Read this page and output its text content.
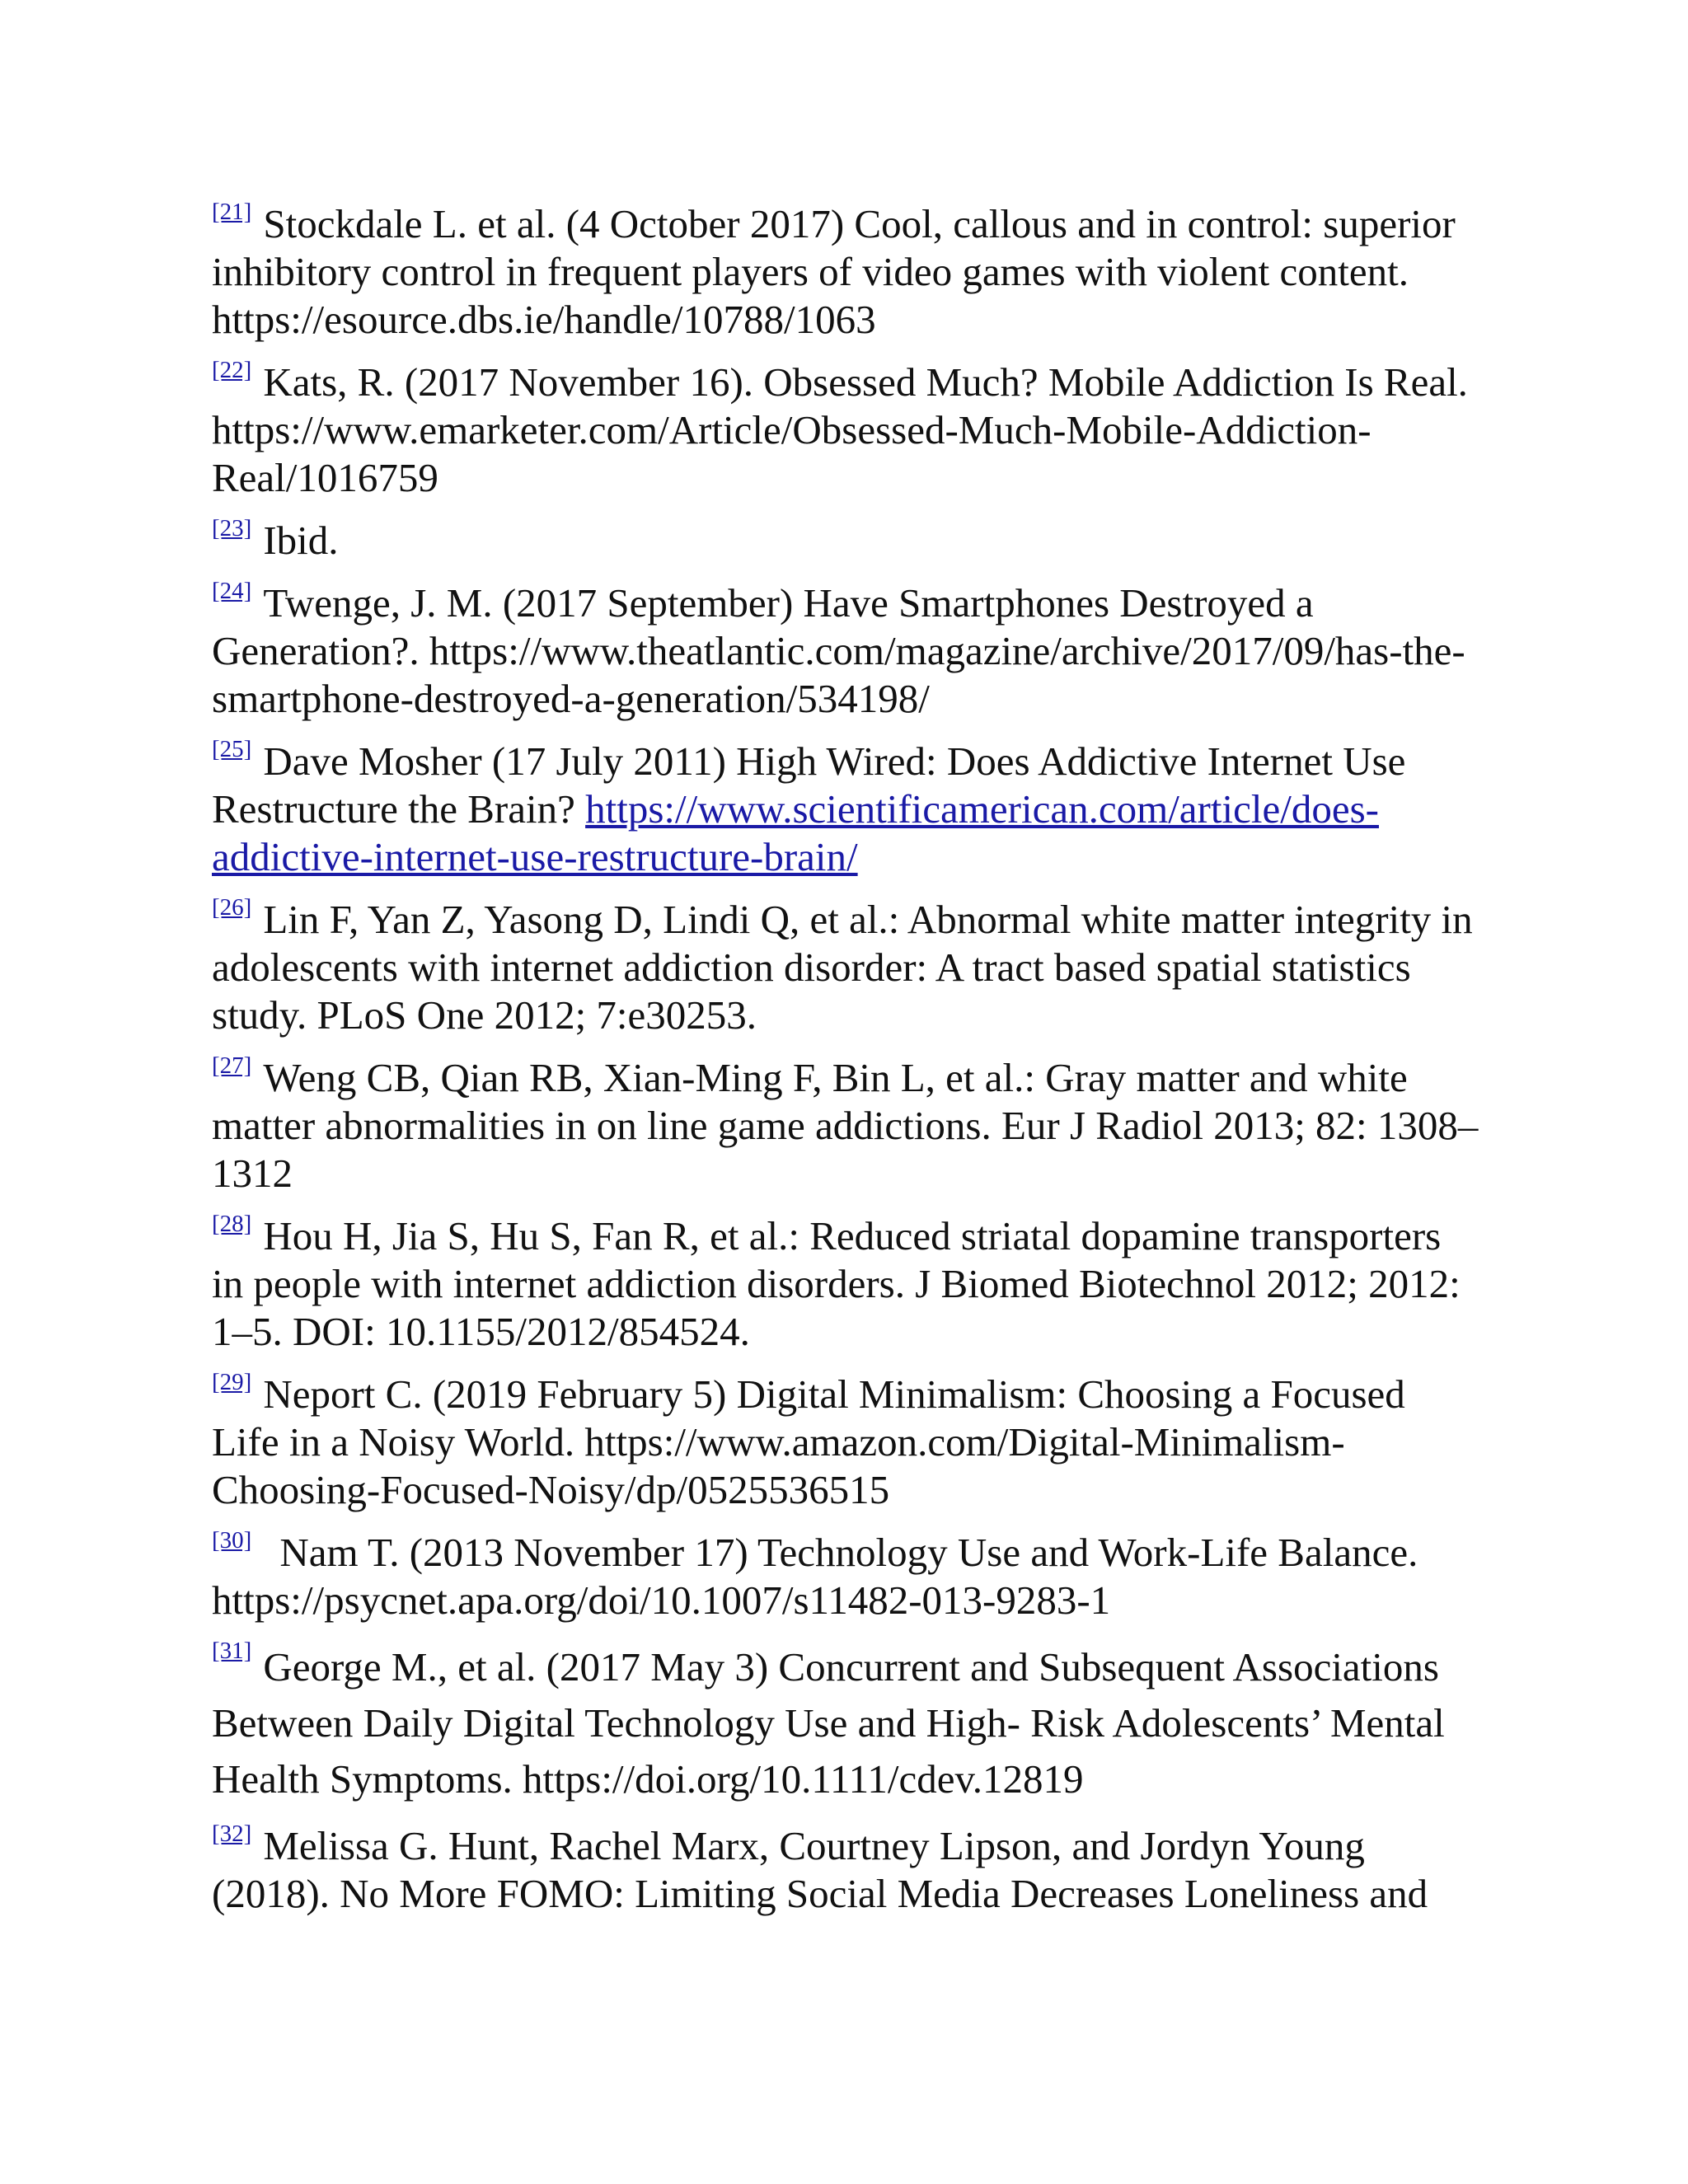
[21] Stockdale L. et al. (4 October 2017) Cool, callous and in control: superior inhibitory control in frequent players of video games with violent content. https://esource.dbs.ie/handle/10788/1063

[22] Kats, R. (2017 November 16). Obsessed Much? Mobile Addiction Is Real. https://www.emarketer.com/Article/Obsessed-Much-Mobile-Addiction-Real/1016759

[23] Ibid.

[24] Twenge, J. M. (2017 September) Have Smartphones Destroyed a Generation?. https://www.theatlantic.com/magazine/archive/2017/09/has-the-smartphone-destroyed-a-generation/534198/

[25] Dave Mosher (17 July 2011) High Wired: Does Addictive Internet Use Restructure the Brain? https://www.scientificamerican.com/article/does-addictive-internet-use-restructure-brain/

[26] Lin F, Yan Z, Yasong D, Lindi Q, et al.: Abnormal white matter integrity in adolescents with internet addiction disorder: A tract based spatial statistics study. PLoS One 2012; 7:e30253.

[27] Weng CB, Qian RB, Xian-Ming F, Bin L, et al.: Gray matter and white matter abnormalities in on line game addictions. Eur J Radiol 2013; 82: 1308–1312

[28] Hou H, Jia S, Hu S, Fan R, et al.: Reduced striatal dopamine transporters in people with internet addiction disorders. J Biomed Biotechnol 2012; 2012: 1–5. DOI: 10.1155/2012/854524.

[29] Neport C. (2019 February 5) Digital Minimalism: Choosing a Focused Life in a Noisy World. https://www.amazon.com/Digital-Minimalism-Choosing-Focused-Noisy/dp/0525536515

[30] Nam T. (2013 November 17) Technology Use and Work-Life Balance. https://psycnet.apa.org/doi/10.1007/s11482-013-9283-1

[31] George M., et al. (2017 May 3) Concurrent and Subsequent Associations Between Daily Digital Technology Use and High‐ Risk Adolescents’ Mental Health Symptoms. https://doi.org/10.1111/cdev.12819

[32] Melissa G. Hunt, Rachel Marx, Courtney Lipson, and Jordyn Young (2018). No More FOMO: Limiting Social Media Decreases Loneliness and
